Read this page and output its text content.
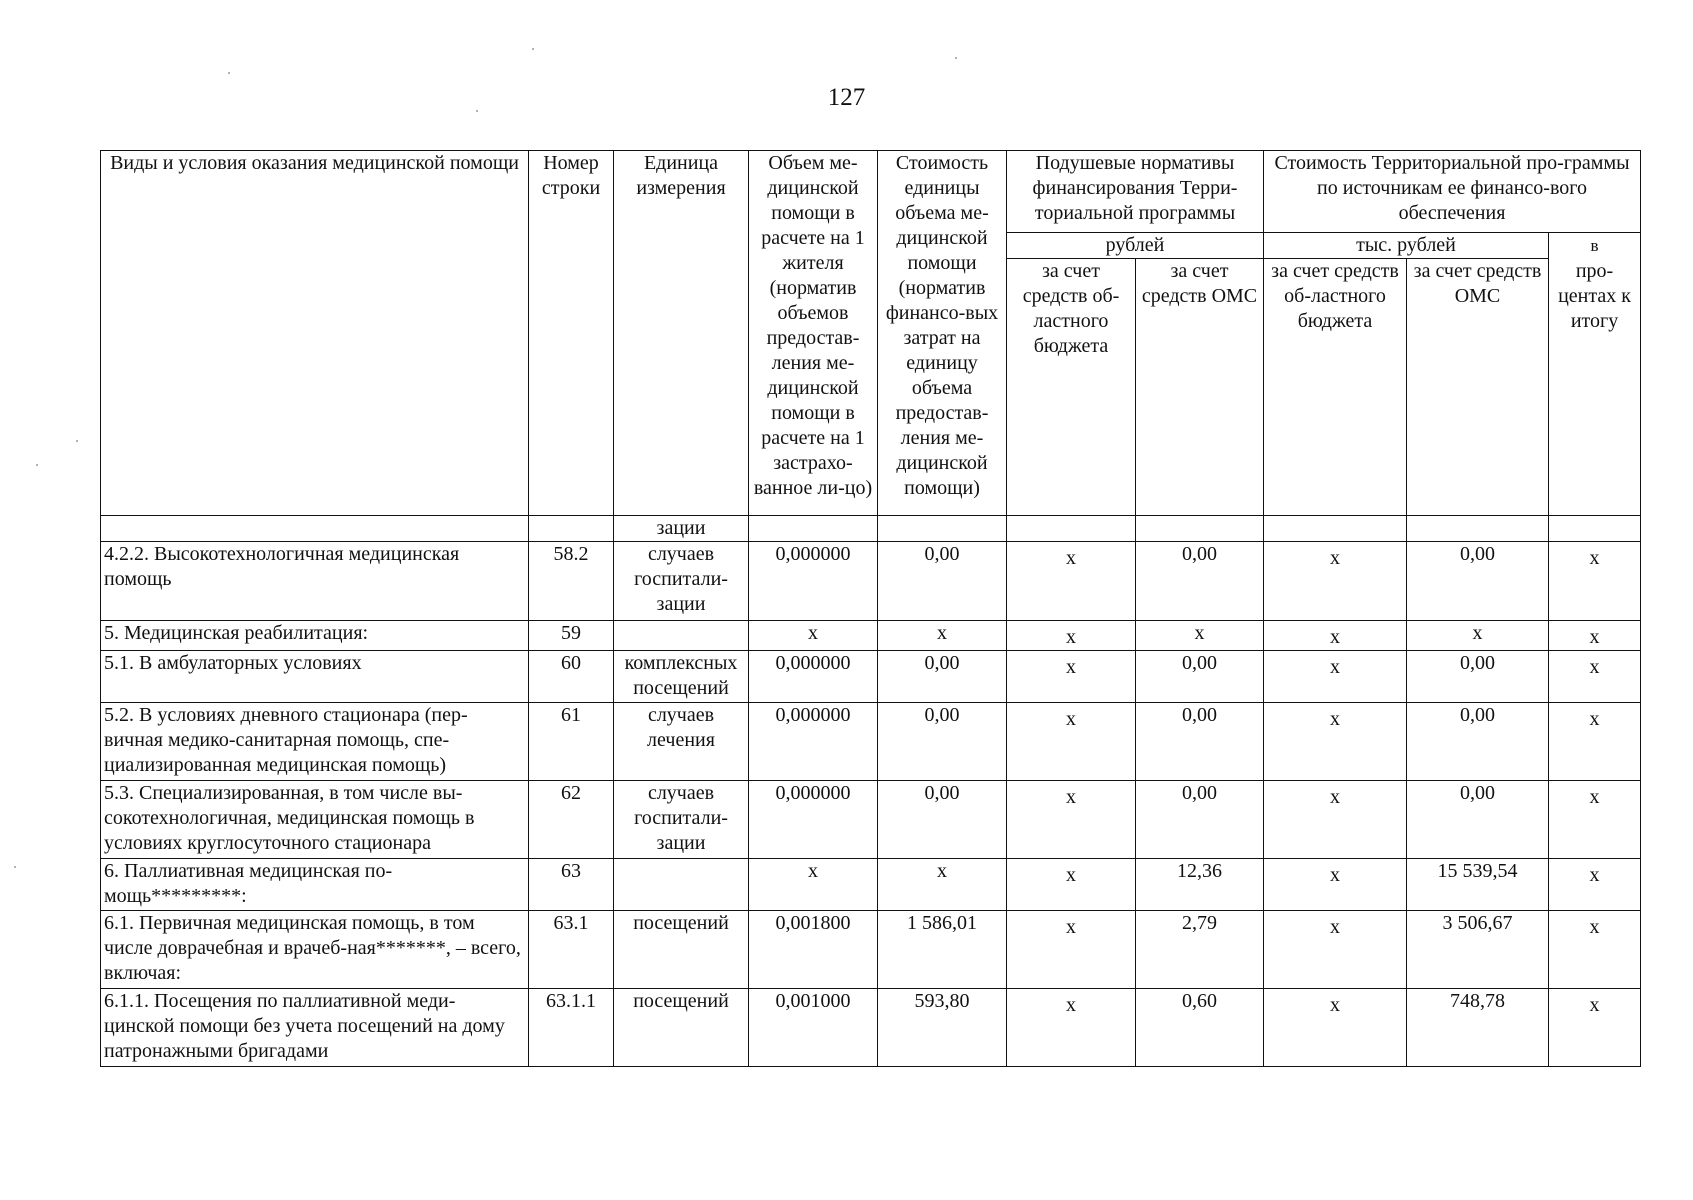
127
Виды и условия оказания медицинской помощи	Номер строки	Единица измерения	Объем ме-дицинской помощи в расчете на 1 жителя (норматив объемов предостав-ления ме-дицинской помощи в расчете на 1 застрахо-ванное ли-цо)	Стоимость единицы объема ме-дицинской помощи (норматив финансо-вых затрат на единицу объема предостав-ления ме-дицинской помощи)	Подушевые нормативы финансирования Терри-ториальной программы		Стоимость Территориальной про-граммы по источникам ее финансо-вого обеспечения		
					рублей		тыс. рублей		в
					за счет средств об-ластного бюджета	за счет средств ОМС	за счет средств об-ластного бюджета	за счет средств ОМС	про-центах к итогу
		зации							
4.2.2. Высокотехнологичная медицинская помощь	58.2	случаев госпитали-зации	0,000000	0,00	x	0,00	x	0,00	x
5. Медицинская реабилитация:	59		x	x	x	x	x	x	x
5.1. В амбулаторных условиях	60	комплексных посещений	0,000000	0,00	x	0,00	x	0,00	x
5.2. В условиях дневного стационара (пер-вичная медико-санитарная помощь, спе-циализированная медицинская помощь)	61	случаев лечения	0,000000	0,00	x	0,00	x	0,00	x
5.3. Специализированная, в том числе вы-сокотехнологичная, медицинская помощь в условиях круглосуточного стационара	62	случаев госпитали-зации	0,000000	0,00	x	0,00	x	0,00	x
6. Паллиативная медицинская по-мощь*********:	63		x	x	x	12,36	x	15 539,54	x
6.1. Первичная медицинская помощь, в том числе доврачебная и врачеб-ная*******, – всего, включая:	63.1	посещений	0,001800	1 586,01	x	2,79	x	3 506,67	x
6.1.1. Посещения по паллиативной меди-цинской помощи без учета посещений на дому патронажными бригадами	63.1.1	посещений	0,001000	593,80	x	0,60	x	748,78	x
